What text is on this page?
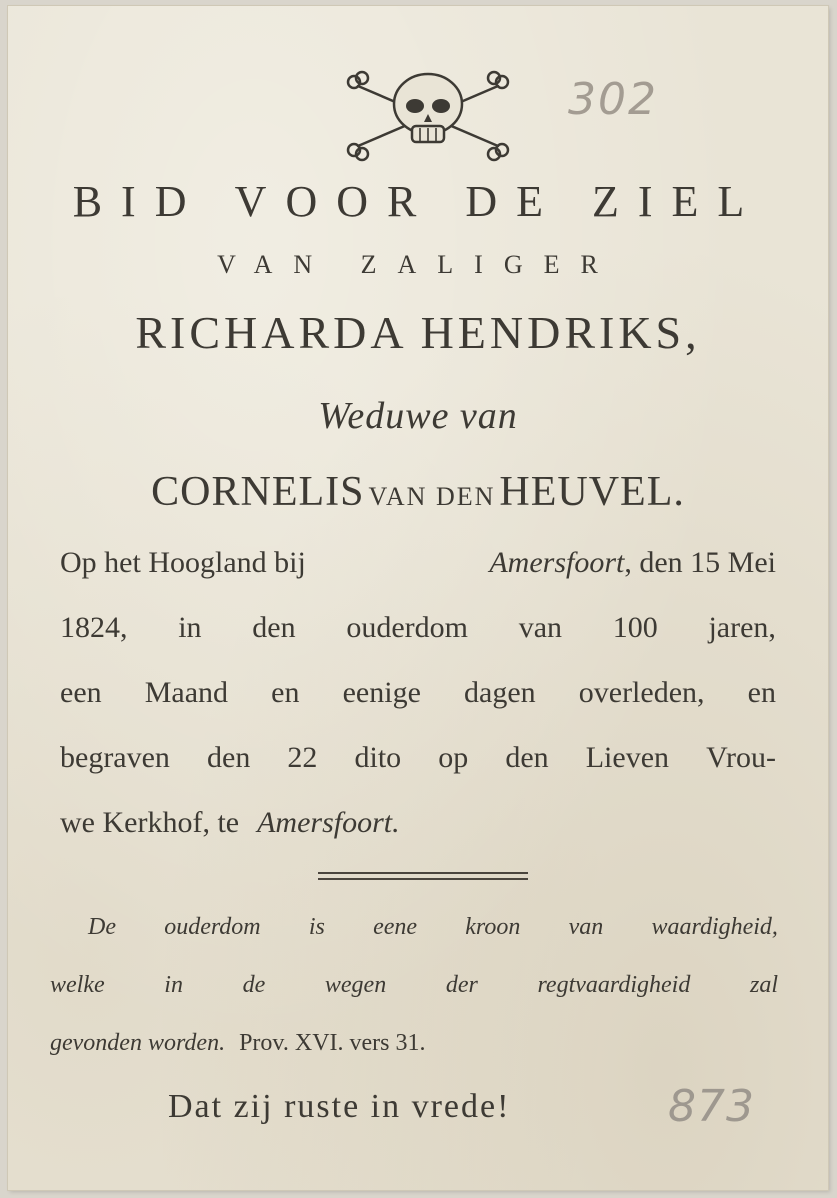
302
BID VOOR DE ZIEL
VAN ZALIGER
RICHARDA HENDRIKS,
Weduwe van
CORNELIS VAN DEN HEUVEL.
Op het Hoogland bij	Amersfoort, den 15 Mei
1824, in den ouderdom van 100 jaren,
een Maand en eenige dagen overleden, en
begraven den 22 dito op den Lieven Vrou-
we Kerkhof, te Amersfoort.
De ouderdom is eene kroon van waardigheid,
welke in de wegen der regtvaardigheid zal
gevonden worden. Prov. XVI. vers 31.
Dat zij ruste in vrede!	873
